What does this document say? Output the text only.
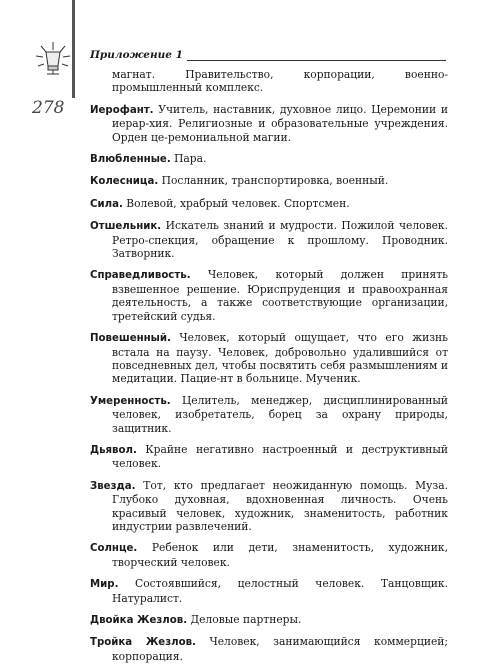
278
Приложение 1

магнат. Правительство, корпорации, военно-промышленный комплекс.

Иерофант. Учитель, наставник, духовное лицо. Церемонии и иерар-хия. Религиозные и образовательные учреждения. Орден це-ремониальной магии.

Влюбленные. Пара.

Колесница. Посланник, транспортировка, военный.

Сила. Волевой, храбрый человек. Спортсмен.

Отшельник. Искатель знаний и мудрости. Пожилой человек. Ретро-спекция, обращение к прошлому. Проводник. Затворник.

Справедливость. Человек, который должен принять взвешенное решение. Юриспруденция и правоохранная деятельность, а также соответствующие организации, третейский судья.

Повешенный. Человек, который ощущает, что его жизнь встала на паузу. Человек, добровольно удалившийся от повседневных дел, чтобы посвятить себя размышлениям и медитации. Пацие-нт в больнице. Мученик.

Умеренность. Целитель, менеджер, дисциплинированный человек, изобретатель, борец за охрану природы, защитник.

Дьявол. Крайне негативно настроенный и деструктивный человек.

Звезда. Тот, кто предлагает неожиданную помощь. Муза. Глубоко духовная, вдохновенная личность. Очень красивый человек, художник, знаменитость, работник индустрии развлечений.

Солнце. Ребенок или дети, знаменитость, художник, творческий человек.

Мир. Состоявшийся, целостный человек. Танцовщик. Натуралист.

Двойка Жезлов. Деловые партнеры.

Тройка Жезлов. Человек, занимающийся коммерцией; корпорация.
